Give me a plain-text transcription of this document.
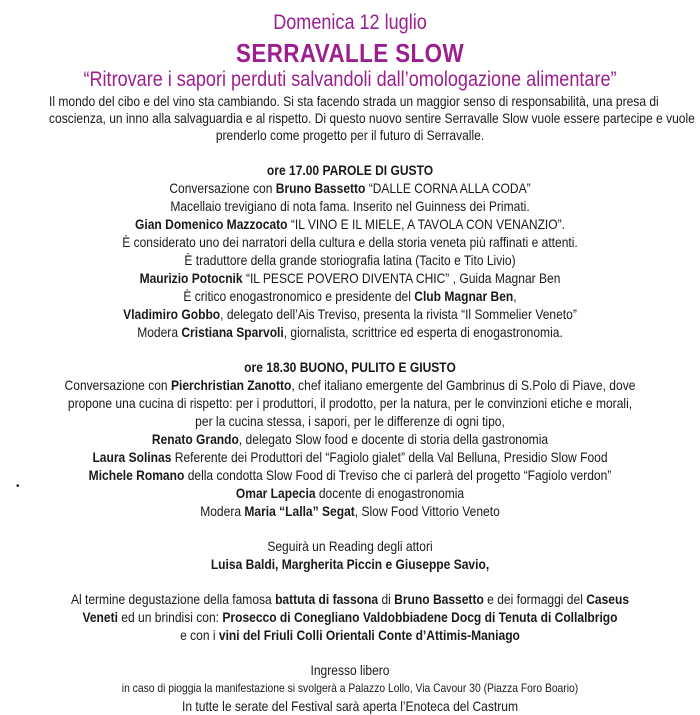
•

Domenica 12 luglio

SERRAVALLE SLOW

“Ritrovare i sapori perduti salvandoli dall’omologazione alimentare”

Il mondo del cibo e del vino sta cambiando. Si sta facendo strada un maggior senso di responsabilità, una presa di

coscienza, un inno alla salvaguardia e al rispetto. Di questo nuovo sentire Serravalle Slow vuole essere partecipe e vuole

prenderlo come progetto per il futuro di Serravalle.

ore 17.00 PAROLE DI GUSTO

Conversazione con Bruno Bassetto “DALLE CORNA ALLA CODA”

Macellaio trevigiano di nota fama. Inserito nel Guinness dei Primati.

Gian Domenico Mazzocato “IL VINO E IL MIELE, A TAVOLA CON VENANZIO”.

È considerato uno dei narratori della cultura e della storia veneta più raffinati e attenti.

È traduttore della grande storiografia latina (Tacito e Tito Livio)

Maurizio Potocnik “IL PESCE POVERO DIVENTA CHIC” , Guida Magnar Ben

È critico enogastronomico e presidente del Club Magnar Ben,

Vladimiro Gobbo, delegato dell’Ais Treviso, presenta la rivista “Il Sommelier Veneto”

Modera Cristiana Sparvoli, giornalista, scrittrice ed esperta di enogastronomia.

ore 18.30 BUONO, PULITO E GIUSTO

Conversazione con Pierchristian Zanotto, chef italiano emergente del Gambrinus di S.Polo di Piave, dove

propone una cucina di rispetto: per i produttori, il prodotto, per la natura, per le convinzioni etiche e morali,

per la cucina stessa, i sapori, per le differenze di ogni tipo,

Renato Grando, delegato Slow food e docente di storia della gastronomia

Laura Solinas Referente dei Produttori del “Fagiolo gialet” della Val Belluna, Presidio Slow Food

Michele Romano della condotta Slow Food di Treviso che ci parlerà del progetto “Fagiolo verdon”

Omar Lapecia docente di enogastronomia

Modera Maria “Lalla” Segat, Slow Food Vittorio Veneto

Seguirà un Reading degli attori

Luisa Baldi, Margherita Piccin e Giuseppe Savio,

Al termine degustazione della famosa battuta di fassona di Bruno Bassetto e dei formaggi del Caseus

Veneti ed un brindisi con: Prosecco di Conegliano Valdobbiadene Docg di Tenuta di Collalbrigo

e con i vini del Friuli Colli Orientali Conte d’Attimis-Maniago

Ingresso libero

in caso di pioggia la manifestazione si svolgerà a Palazzo Lollo, Via Cavour 30 (Piazza Foro Boario)

In tutte le serate del Festival sarà aperta l’Enoteca del Castrum
